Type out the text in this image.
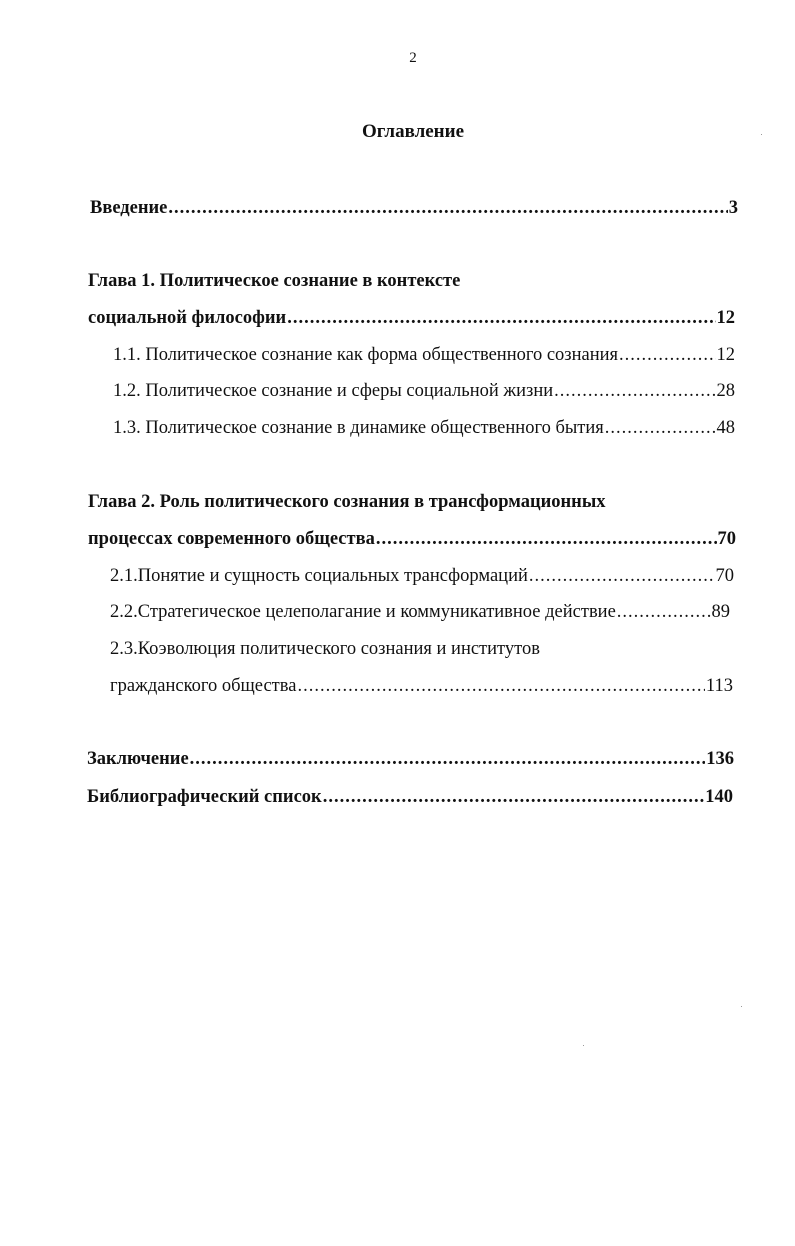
2
Оглавление
Введение .....	3
Глава 1. Политическое сознание в контексте
социальной философии .....	12
1.1. Политическое сознание как форма общественного сознания .....	12
1.2. Политическое сознание и сферы социальной жизни .....	28
1.3. Политическое сознание в динамике общественного бытия .....	48
Глава 2. Роль политического сознания в трансформационных
процессах современного общества .....	70
2.1.Понятие и сущность социальных трансформаций .....	70
2.2.Стратегическое целеполагание и коммуникативное действие .....	89
2.3.Коэволюция политического сознания и институтов
гражданского общества .....	113
Заключение .....	136
Библиографический список .....	140
